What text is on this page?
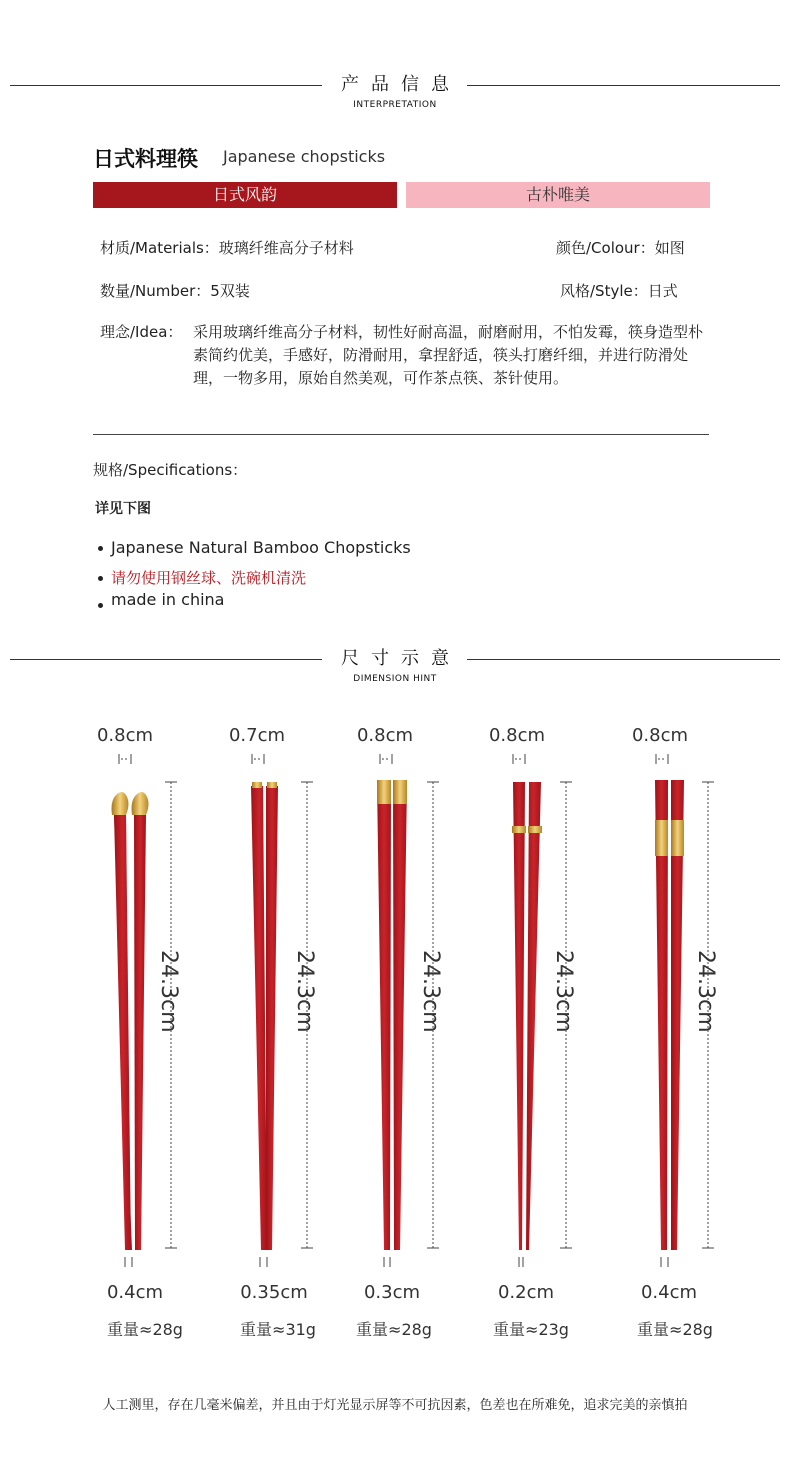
产品信息
INTERPRETATION
日式料理筷 Japanese chopsticks
日式风韵	古朴唯美
材质/Materials：玻璃纤维高分子材料	颜色/Colour：如图
数量/Number：5双装	风格/Style：日式
理念/Idea： 采用玻璃纤维高分子材料，韧性好耐高温，耐磨耐用，不怕发霉，筷身造型朴素简约优美，手感好，防滑耐用，拿捏舒适，筷头打磨纤细，并进行防滑处理，一物多用，原始自然美观，可作茶点筷、茶针使用。
规格/Specifications：
详见下图
Japanese Natural Bamboo Chopsticks
请勿使用钢丝球、洗碗机清洗
made in china
尺寸示意
DIMENSION HINT
24.3cm	24.3cm	24.3cm	24.3cm	24.3cm
0.8cm	0.7cm	0.8cm	0.8cm	0.8cm
0.4cm	0.35cm	0.3cm	0.2cm	0.4cm
重量≈28g	重量≈31g	重量≈28g	重量≈23g	重量≈28g
人工测里，存在几毫米偏差，并且由于灯光显示屏等不可抗因素，色差也在所难免，追求完美的亲慎拍
